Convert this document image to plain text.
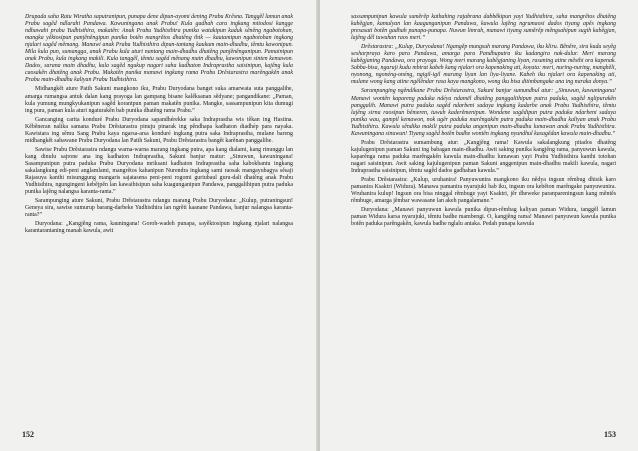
Drupada saha Ratu Wiratha saputranipun, punapa dene dipun-ayomi dening Prabu Krěsna. Tanggěl lamun anak Prabu sagěd ndlurahi Pandawa. Kawuningana anak Prabu! Kula gadhah cara ingkang mitodosi kangge ndhawahi prabu Yudhisthira, makatěn: Anak Prabu Yudhisthira punika watakipun kaduk sěněng ngabotohan, mangka yěktosipun panjěněngipun punika botěn mangrětos dhatěng thik — kautamipun ngabotohan ingkang njalari sagěd měmang. Manawi anak Prabu Yudhisthira dipun-tantang kaukum main-dhadhu, těmtu kawonipun. Mila kula pun, sumangga, anak Prabu kula aturi nantang main-dhadhu dhatěng panjěněnganipun. Pamainipun anak Prabu, kula ingkang makili. Kula tanggěl, těmtu sagěd měnang main dhadhu, kawonipun sinten kemawon. Dados, sarana main dhadhu, kula sagěd ngukup nagari saha kadhaton Indraprastha saisinipun, kajěng kula caosakěn dhatěng anak Prabu. Makatěn punika manawi ingkang rama Prabu Drěstarastra marěngakěn anak Prabu main-dhadhu kaliyan Prabu Yudhisthira.

Midhangkět ature Patih Sakuni mangkono iku, Prabu Duryodana banget suka amarwata suta panggalihe, amarga rumangsa antuk dalan kang prayoga lan gampang bisane kalěksanan sědyane; pangandikane: „Paman, kula yumung mungkyukanipun sagěd korantpun paman makatěn punika. Mangke, sassampunipun kita dumugi ing pura, paman kula aturi ngaturakěn bab punika dhatěng rama Prabu.”

Gancanging carita konduré Prabu Duryodana sapandhérekke saka Indraprastha wis těkan ing Hastina. Kěběneran nalika samana Prabu Drěstarastra pinuju pinarak ing pěndhapa kadhaton diadhép para nayaka. Kawistara ing sěmu Sang Prabu kaya ngarsa-arsa konduré ingkang putra saka Indraprastha, mulane bareng midhangkět sabawane Prabu Duryodana lan Patih Sakuni, Prabu Drěstarastra bangět karěnan panggalihe.

Sawise Prabu Drěstarastra ndangu warna-warna marang ingkang putra, apa kang dialami, kang rinunggu lan kang dinulu sajrone ana ing kadhaton Indraprastha, Sakuni banjur matur: „Sinuwun, kawuningana! Sasampunipun putra paduka Prabu Duryodana mriksani kadhaton Indraprastha saha kabokbantu ingkang sakalangkung edi-peni anglamlami, mangrětos kahanipun Nurendra ingkang sami raosak mangayubagya sěsaji Rajasuya kanthi misunggung mangaris sajatasena peni-peni rogomi guriubaul guru-dali dhatěng anak Prabu Yudhisthira, ngungingeni kebějpěn lan kawaibisipun saha kuagunganipun Pandawa, panggalihipun putra paduka punika lajěng nalangsa karanta-ranta.”

Sarampunging ature Sakuni, Prabu Drěstarastra ndangu marang Prabu Duryodana: „Kulup, putraningsun! Geneya sira, sawise sumurup barang-darbeke Yudhisthira lan ngrěti kaanane Pandawa, banjur nalangsa karanta-ranta?”

Duryodana: „Kangjěng rama, kauningana! Goroh-wadeh punapa, sayěktosipun ingkang njalari nalangsa karantarantaning manah kawula, awit

152

sassampunipun kawula suměrěp kathahing rajabrana dabběkipun yayi Yudhisthira, saha mangrětos dhatěng kaběgjan, kamulyan lan kaagunganipun Pandawa, kawula lajěng ngrumaosi dados tiyang apěs ingkang presasati botěn gadhah punapa-punapa. Nuwun limrah, manawi tiyang suměrěp měngsahipun sugih kaběgjan, lajěng děl tuwuhan raos meri.”

Drěstarastra: „Kulup, Duryodana! Ngangěp mungsuh marang Pandawa, iku kliru. Běněre, sira kudu seyěg sesharpraya karo para Pandawa, amarga para Pandhuputra iku kadangira nak-dulur. Meri marang kaběgjaning Pandawa, ora prayoga. Wong meri marang kaběgjaning liyan, rasaning atine městhi ora kapenak. Sabba-bisa, ngaruji kudu mbirat kabeh kang njalari ora kapenaking ati, koyata: meri, nuring-nuring, manghěli, nyonong, ngonéng-onéng, ngigil-igil marang liyan lan liya-liyane. Kabeh iku njalari ora kapenaking ati, mulane wong kang atine ngělěndar rasa kaya mangkono, wong iku bisa ditimbangake ana ing naraka donya.”

Sarampunging ngěndikane Prabu Drěstarastra, Sakuni banjur sumundhul atur: „Sinuwun, kawuningana! Manawi wontěn kapareng paduka ndéya ndamël dhatěng panggaliihipun putra paduka, sagěd nglipurakěn panggalih. Manawi putra paduka sagěd ndarbeni sadaya ingkang kadarbe anak Prabu Yudhisthira, těmtu lajěng sirna raosipun běmeren, tuwuh kaderěmenipun. Wondene sagědipun putra paduka ndarbeni sadaya punika wau, gampil kemawon, nok ugěr paduka marěngakěn putra paduka main-dhadhu kaliyan anak Prabu Yudhisthira. Kawula sěndika makili putra paduka angenipun main-dhadhu lumawan anak Prabu Yudhisthira. Kawuningana sinuwun! Tiyang sagěd botěn badhe wontěn ingkang nyundhul kasagědan kawula main-dhadhu.”

Prabu Drěstarastra sumambung atur: „Kangjěng rama! Kawula sakalangkung pitados dhatěng kajulugenipun paman Sakuni ing babagan main-dhadhu. Awit saking punika kangjěng rama, panyuwun kawula, kaparěnga rama paduka marěngakěn kawula main-dhadhu lumawan yayi Prabu Yudhisthira kanthi totohan nagari saisinipun. Awit saking kajulugenipun paman Sakuni anggenipun main-dhadhu makili kawula, nagari Indraprastha saisinipun, těmtu sagěd dados gadhahan kawula.”

Prabu Drěstarastra: „Kulup, uruhanira! Panyuwunira mangkono iku nědya ingsun rěmbug dhisik karo pamanira Ksaktri (Widura). Manawa pamanira nyarujuki bab iku, ingsun ora keběton marěngake panyuwunira. Wruhanira kulup! Ingsun ora bisa ninggal rěmbuge yayi Ksaktri, jěr dheweke paranpareningsun kang měntěs rěmbuge, amarga jěmbar wawasane lan akeh pangalamane.”

Duryodana: „Manawi panyuwun kawula punika dipun-rěmbag kaliyan paman Widura, tanggěl lamun paman Widura karsa nyarujuki, těmtu badhe mambengi. O, kangjěng rama! Manawi panyuwun kawula punika botěn paduka parěngakěn, kawula badhe nglalu antaka. Pedah punapa kawula

153
